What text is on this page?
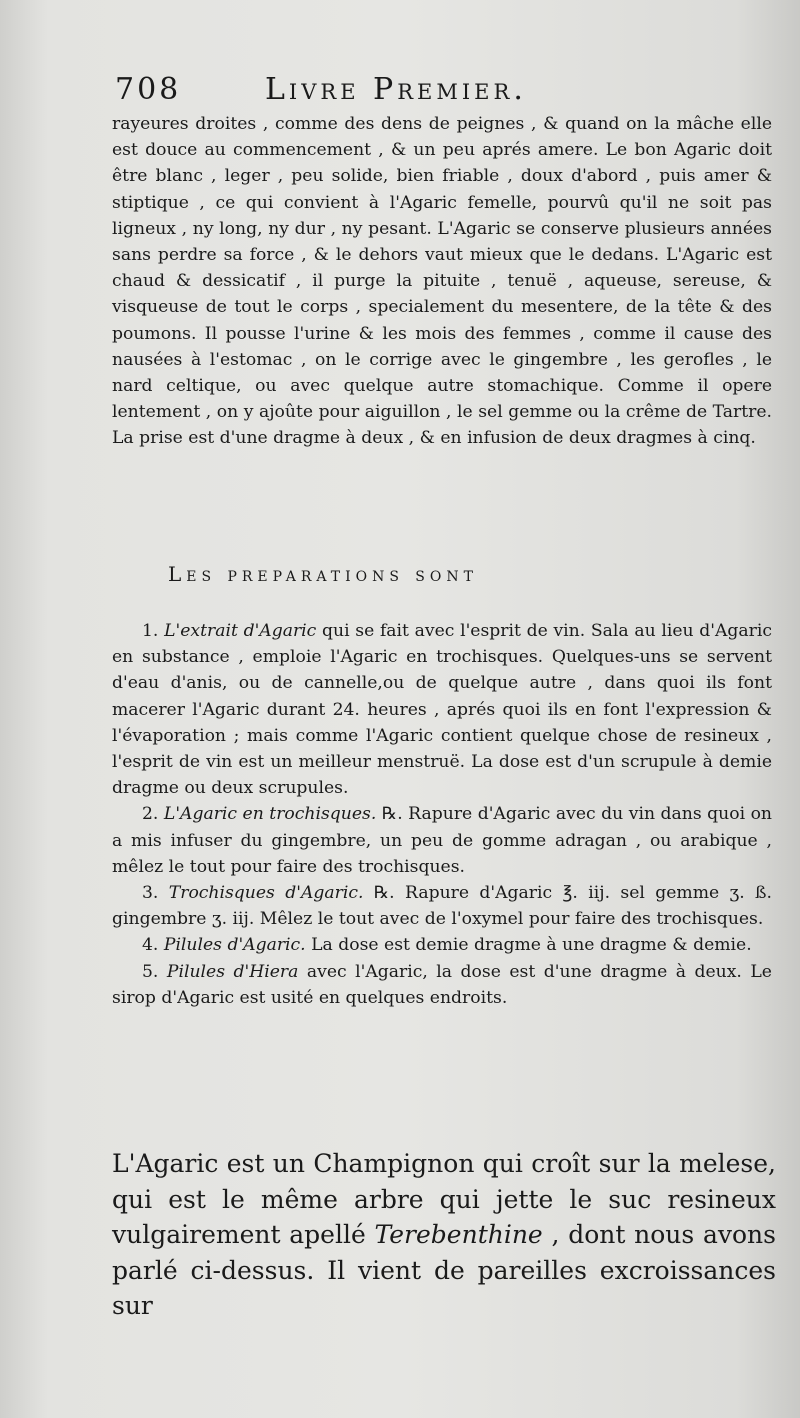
708	Livre Premier.

rayeures droites , comme des dens de peignes , & quand on la mâche elle est douce au commencement , & un peu aprés amere. Le bon Agaric doit être blanc , leger , peu solide, bien friable , doux d'abord , puis amer & stiptique , ce qui convient à l'Agaric femelle, pourvû qu'il ne soit pas ligneux , ny long, ny dur , ny pesant. L'Agaric se conserve plusieurs années sans perdre sa force , & le dehors vaut mieux que le dedans. L'Agaric est chaud & dessicatif , il purge la pituite , tenuë , aqueuse, sereuse, & visqueuse de tout le corps , specialement du mesentere, de la tête & des poumons. Il pousse l'urine & les mois des femmes , comme il cause des nausées à l'estomac , on le corrige avec le gingembre , les gerofles , le nard celtique, ou avec quelque autre stomachique. Comme il opere lentement , on y ajoûte pour aiguillon , le sel gemme ou la crême de Tartre. La prise est d'une dragme à deux , & en infusion de deux dragmes à cinq.

Les preparations sont

1. L'extrait d'Agaric qui se fait avec l'esprit de vin. Sala au lieu d'Agaric en substance , emploie l'Agaric en trochisques. Quelques-uns se servent d'eau d'anis, ou de cannelle,ou de quelque autre , dans quoi ils font macerer l'Agaric durant 24. heures , aprés quoi ils en font l'expression & l'évaporation ; mais comme l'Agaric contient quelque chose de resineux , l'esprit de vin est un meilleur menstruë. La dose est d'un scrupule à demie dragme ou deux scrupules.

2. L'Agaric en trochisques. ℞. Rapure d'Agaric avec du vin dans quoi on a mis infuser du gingembre, un peu de gomme adragan , ou arabique , mêlez le tout pour faire des trochisques.

3. Trochisques d'Agaric. ℞. Rapure d'Agaric ℥. iij. sel gemme ʒ. ß. gingembre ʒ. iij. Mêlez le tout avec de l'oxymel pour faire des trochisques.

4. Pilules d'Agaric. La dose est demie dragme à une dragme & demie.

5. Pilules d'Hiera avec l'Agaric, la dose est d'une dragme à deux. Le sirop d'Agaric est usité en quelques endroits.

L'Agaric est un Champignon qui croît sur la melese, qui est le même arbre qui jette le suc resineux vulgairement apellé Terebenthine , dont nous avons parlé ci-dessus. Il vient de pareilles excroissances sur
